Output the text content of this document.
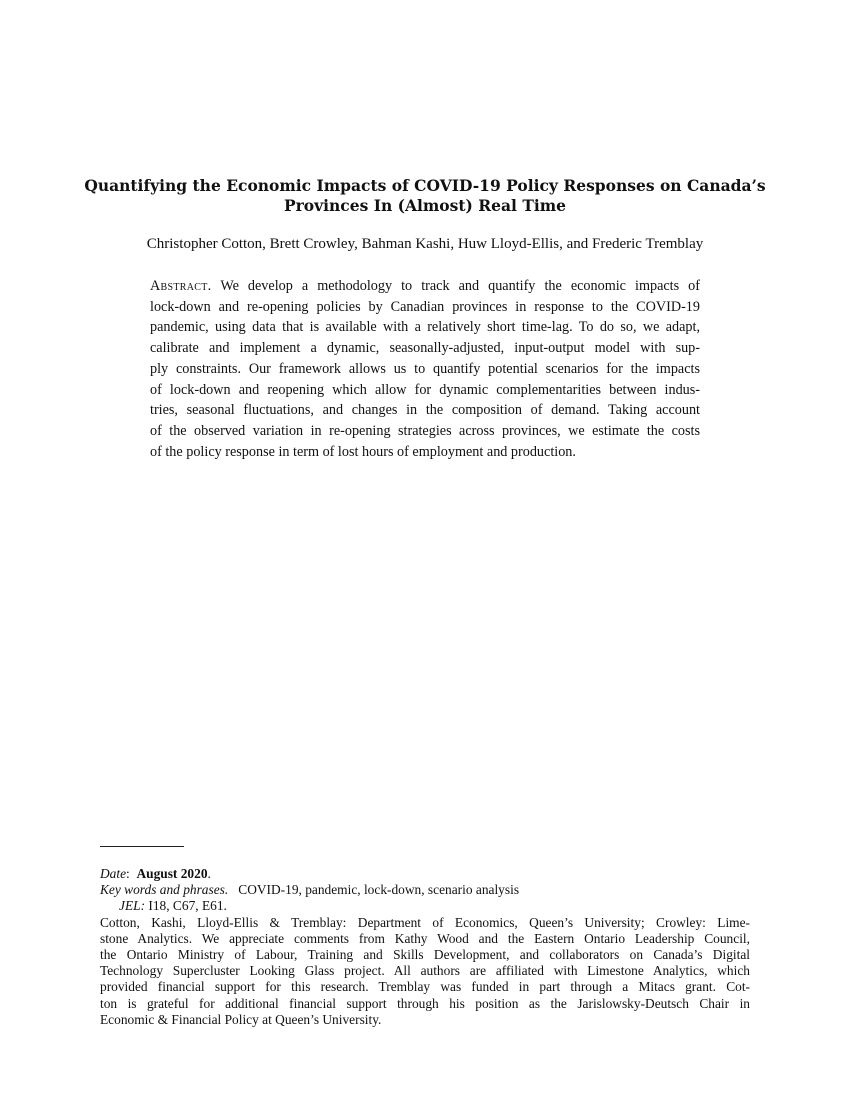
Quantifying the Economic Impacts of COVID-19 Policy Responses on Canada’s
Provinces In (Almost) Real Time
Christopher Cotton, Brett Crowley, Bahman Kashi, Huw Lloyd-Ellis, and Frederic Tremblay
Abstract. We develop a methodology to track and quantify the economic impacts of
lock-down and re-opening policies by Canadian provinces in response to the COVID-19
pandemic, using data that is available with a relatively short time-lag. To do so, we adapt,
calibrate and implement a dynamic, seasonally-adjusted, input-output model with sup-
ply constraints. Our framework allows us to quantify potential scenarios for the impacts
of lock-down and reopening which allow for dynamic complementarities between indus-
tries, seasonal fluctuations, and changes in the composition of demand. Taking account
of the observed variation in re-opening strategies across provinces, we estimate the costs
of the policy response in term of lost hours of employment and production.
Date:  August 2020.
Key words and phrases. COVID-19, pandemic, lock-down, scenario analysis
JEL: I18, C67, E61.
Cotton, Kashi, Lloyd-Ellis & Tremblay: Department of Economics, Queen’s University; Crowley: Lime-
stone Analytics. We appreciate comments from Kathy Wood and the Eastern Ontario Leadership Council,
the Ontario Ministry of Labour, Training and Skills Development, and collaborators on Canada’s Digital
Technology Supercluster Looking Glass project. All authors are affiliated with Limestone Analytics, which
provided financial support for this research. Tremblay was funded in part through a Mitacs grant. Cot-
ton is grateful for additional financial support through his position as the Jarislowsky-Deutsch Chair in
Economic & Financial Policy at Queen’s University.
